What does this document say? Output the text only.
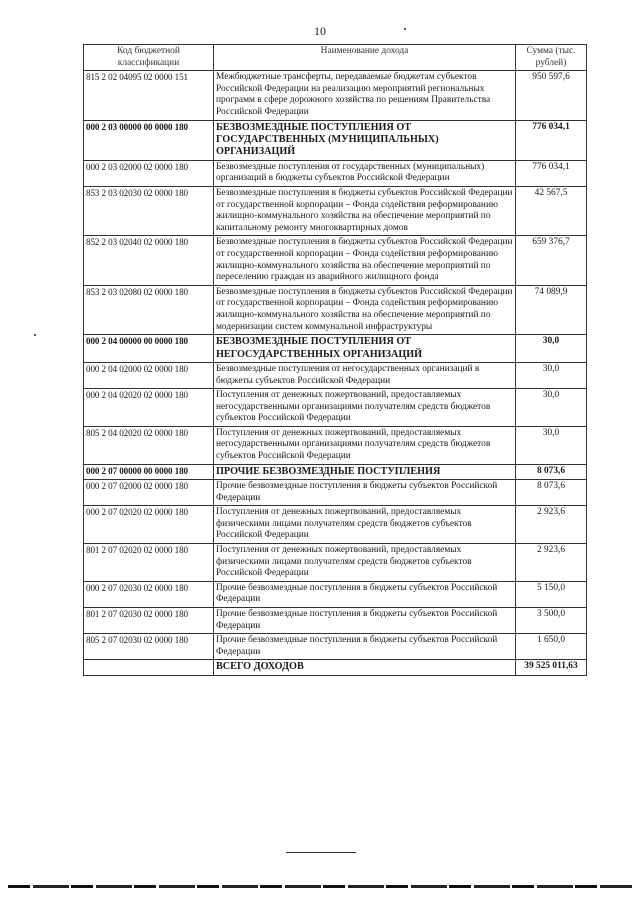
10
Код бюджетной классификации	Наименование дохода	Сумма (тыс. рублей)
815 2 02 04095 02 0000 151	Межбюджетные трансферты, передаваемые бюджетам субъектов Российской Федерации на реализацию мероприятий региональных программ в сфере дорожного хозяйства по решениям Правительства Российской Федерации	950 597,6
000 2 03 00000 00 0000 180	БЕЗВОЗМЕЗДНЫЕ ПОСТУПЛЕНИЯ ОТ ГОСУДАРСТВЕННЫХ (МУНИЦИПАЛЬНЫХ) ОРГАНИЗАЦИЙ	776 034,1
000 2 03 02000 02 0000 180	Безвозмездные поступления от государственных (муниципальных) организаций в бюджеты субъектов Российской Федерации	776 034,1
853 2 03 02030 02 0000 180	Безвозмездные поступления в бюджеты субъектов Российской Федерации от государственной корпорации – Фонда содействия реформированию жилищно-коммунального хозяйства на обеспечение мероприятий по капитальному ремонту многоквартирных домов	42 567,5
852 2 03 02040 02 0000 180	Безвозмездные поступления в бюджеты субъектов Российской Федерации от государственной корпорации – Фонда содействия реформированию жилищно-коммунального хозяйства на обеспечение мероприятий по переселению граждан из аварийного жилищного фонда	659 376,7
853 2 03 02080 02 0000 180	Безвозмездные поступления в бюджеты субъектов Российской Федерации от государственной корпорации – Фонда содействия реформированию жилищно-коммунального хозяйства на обеспечение мероприятий по модернизации систем коммунальной инфраструктуры	74 089,9
000 2 04 00000 00 0000 180	БЕЗВОЗМЕЗДНЫЕ ПОСТУПЛЕНИЯ ОТ НЕГОСУДАРСТВЕННЫХ ОРГАНИЗАЦИЙ	30,0
000 2 04 02000 02 0000 180	Безвозмездные поступления от негосударственных организаций в бюджеты субъектов Российской Федерации	30,0
000 2 04 02020 02 0000 180	Поступления от денежных пожертвований, предоставляемых негосударственными организациями получателям средств бюджетов субъектов Российской Федерации	30,0
805 2 04 02020 02 0000 180	Поступления от денежных пожертвований, предоставляемых негосударственными организациями получателям средств бюджетов субъектов Российской Федерации	30,0
000 2 07 00000 00 0000 180	ПРОЧИЕ БЕЗВОЗМЕЗДНЫЕ ПОСТУПЛЕНИЯ	8 073,6
000 2 07 02000 02 0000 180	Прочие безвозмездные поступления в бюджеты субъектов Российской Федерации	8 073,6
000 2 07 02020 02 0000 180	Поступления от денежных пожертвований, предоставляемых физическими лицами получателям средств бюджетов субъектов Российской Федерации	2 923,6
801 2 07 02020 02 0000 180	Поступления от денежных пожертвований, предоставляемых физическими лицами получателям средств бюджетов субъектов Российской Федерации	2 923,6
000 2 07 02030 02 0000 180	Прочие безвозмездные поступления в бюджеты субъектов Российской Федерации	5 150,0
801 2 07 02030 02 0000 180	Прочие безвозмездные поступления в бюджеты субъектов Российской Федерации	3 500,0
805 2 07 02030 02 0000 180	Прочие безвозмездные поступления в бюджеты субъектов Российской Федерации	1 650,0
	ВСЕГО ДОХОДОВ	39 525 011,63
